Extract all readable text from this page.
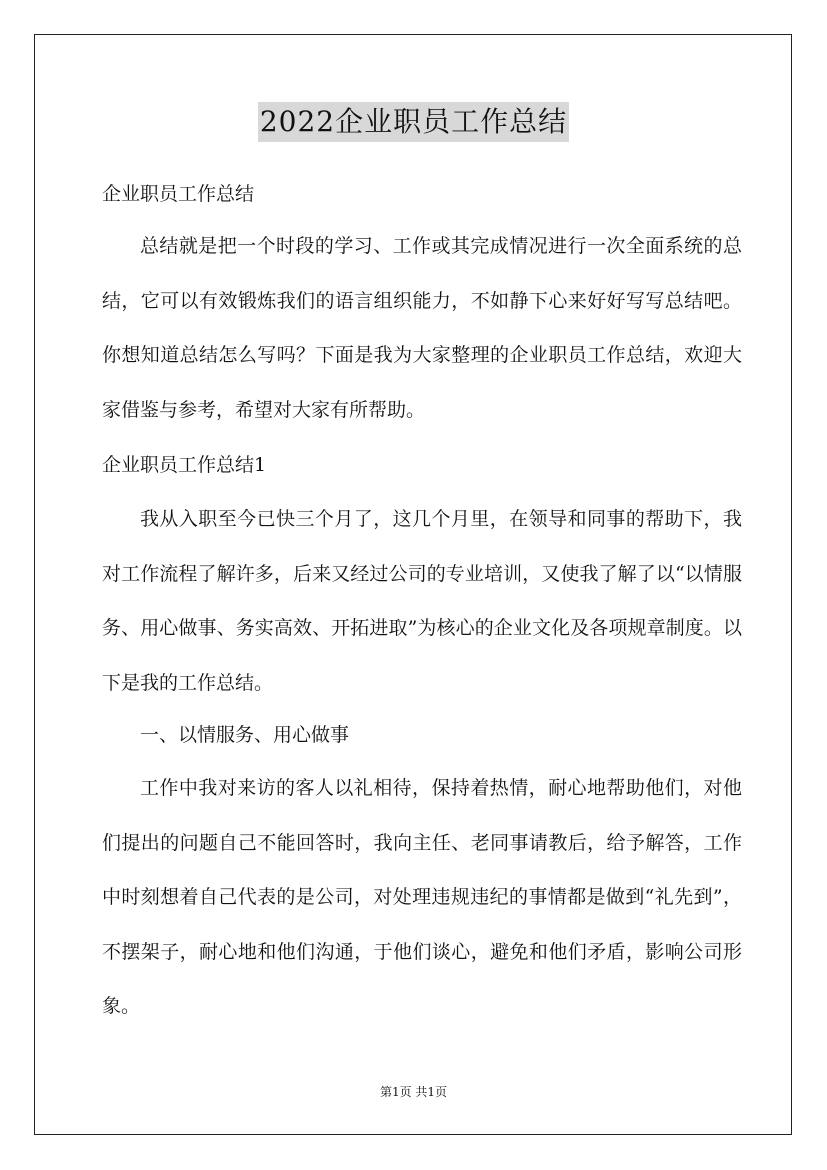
2022企业职员工作总结

企业职员工作总结

总结就是把一个时段的学习、工作或其完成情况进行一次全面系统的总结，它可以有效锻炼我们的语言组织能力，不如静下心来好好写写总结吧。你想知道总结怎么写吗？下面是我为大家整理的企业职员工作总结，欢迎大家借鉴与参考，希望对大家有所帮助。

企业职员工作总结1

我从入职至今已快三个月了，这几个月里，在领导和同事的帮助下，我对工作流程了解许多，后来又经过公司的专业培训，又使我了解了以“以情服务、用心做事、务实高效、开拓进取”为核心的企业文化及各项规章制度。以下是我的工作总结。

一、以情服务、用心做事

工作中我对来访的客人以礼相待，保持着热情，耐心地帮助他们，对他们提出的问题自己不能回答时，我向主任、老同事请教后，给予解答，工作中时刻想着自己代表的是公司，对处理违规违纪的事情都是做到“礼先到”，不摆架子，耐心地和他们沟通，于他们谈心，避免和他们矛盾，影响公司形象。

第1页 共1页
